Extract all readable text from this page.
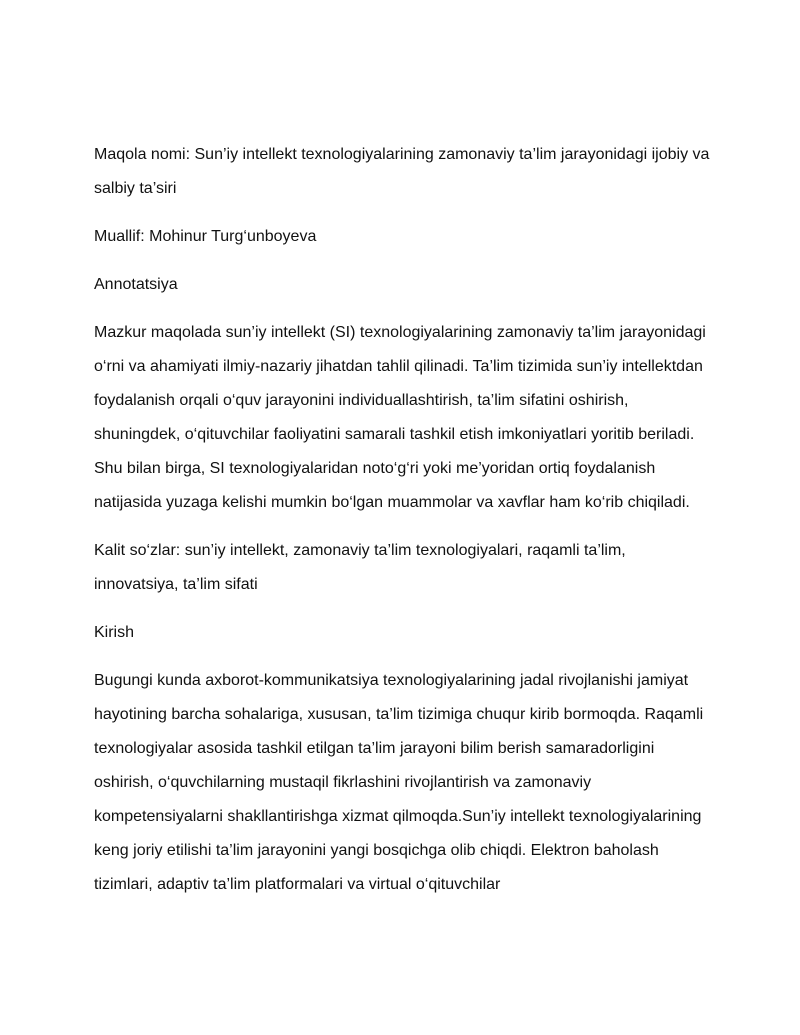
Maqola nomi: Sun’iy intellekt texnologiyalarining zamonaviy ta’lim jarayonidagi ijobiy va salbiy ta’siri

Muallif: Mohinur Turg‘unboyeva

Annotatsiya

Mazkur maqolada sun’iy intellekt (SI) texnologiyalarining zamonaviy ta’lim jarayonidagi o‘rni va ahamiyati ilmiy-nazariy jihatdan tahlil qilinadi. Ta’lim tizimida sun’iy intellektdan foydalanish orqali o‘quv jarayonini individuallashtirish, ta’lim sifatini oshirish, shuningdek, o‘qituvchilar faoliyatini samarali tashkil etish imkoniyatlari yoritib beriladi. Shu bilan birga, SI texnologiyalaridan noto‘g‘ri yoki me’yoridan ortiq foydalanish natijasida yuzaga kelishi mumkin bo‘lgan muammolar va xavflar ham ko‘rib chiqiladi.

Kalit so‘zlar: sun’iy intellekt, zamonaviy ta’lim texnologiyalari, raqamli ta’lim, innovatsiya, ta’lim sifati

Kirish

Bugungi kunda axborot-kommunikatsiya texnologiyalarining jadal rivojlanishi jamiyat hayotining barcha sohalariga, xususan, ta’lim tizimiga chuqur kirib bormoqda. Raqamli texnologiyalar asosida tashkil etilgan ta’lim jarayoni bilim berish samaradorligini oshirish, o‘quvchilarning mustaqil fikrlashini rivojlantirish va zamonaviy kompetensiyalarni shakllantirishga xizmat qilmoqda.Sun’iy intellekt texnologiyalarining keng joriy etilishi ta’lim jarayonini yangi bosqichga olib chiqdi. Elektron baholash tizimlari, adaptiv ta’lim platformalari va virtual o‘qituvchilar
